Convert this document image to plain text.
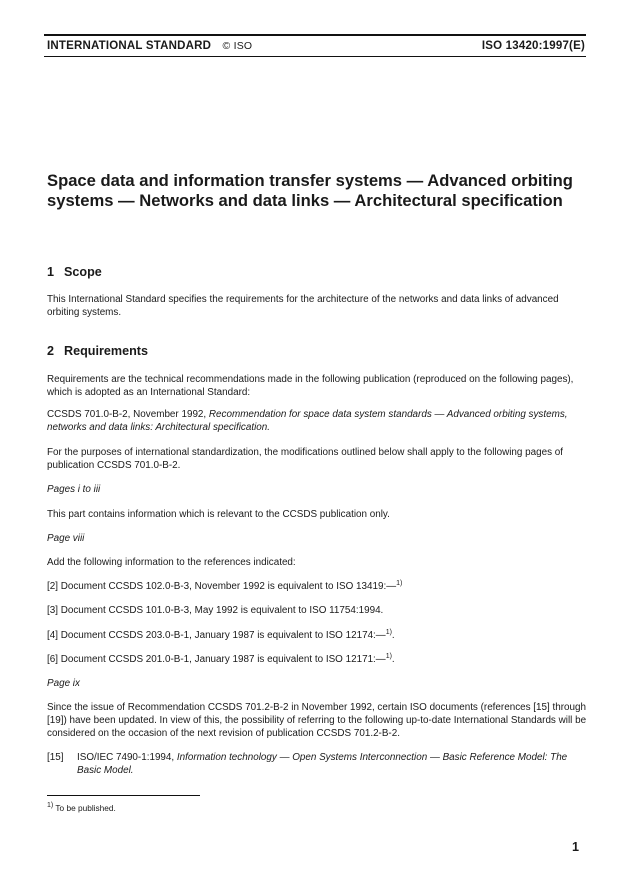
INTERNATIONAL STANDARD © ISO	ISO 13420:1997(E)
Space data and information transfer systems — Advanced orbiting
systems — Networks and data links — Architectural specification
1 Scope
This International Standard specifies the requirements for the architecture of the networks and data links of advanced orbiting systems.
2 Requirements
Requirements are the technical recommendations made in the following publication (reproduced on the following pages), which is adopted as an International Standard:
CCSDS 701.0-B-2, November 1992, Recommendation for space data system standards — Advanced orbiting systems, networks and data links: Architectural specification.
For the purposes of international standardization, the modifications outlined below shall apply to the following pages of publication CCSDS 701.0-B-2.
Pages i to iii
This part contains information which is relevant to the CCSDS publication only.
Page viii
Add the following information to the references indicated:
[2] Document CCSDS 102.0-B-3, November 1992 is equivalent to ISO 13419:—$^{1)}$
[3] Document CCSDS 101.0-B-3, May 1992 is equivalent to ISO 11754:1994.
[4] Document CCSDS 203.0-B-1, January 1987 is equivalent to ISO 12174:—$^{1)}$.
[6] Document CCSDS 201.0-B-1, January 1987 is equivalent to ISO 12171:—$^{1)}$.
Page ix
Since the issue of Recommendation CCSDS 701.2-B-2 in November 1992, certain ISO documents (references [15] through [19]) have been updated. In view of this, the possibility of referring to the following up-to-date International Standards will be considered on the occasion of the next revision of publication CCSDS 701.2-B-2.
[15] ISO/IEC 7490-1:1994, Information technology — Open Systems Interconnection — Basic Reference Model: The Basic Model.
$^{1)}$ To be published.
1
